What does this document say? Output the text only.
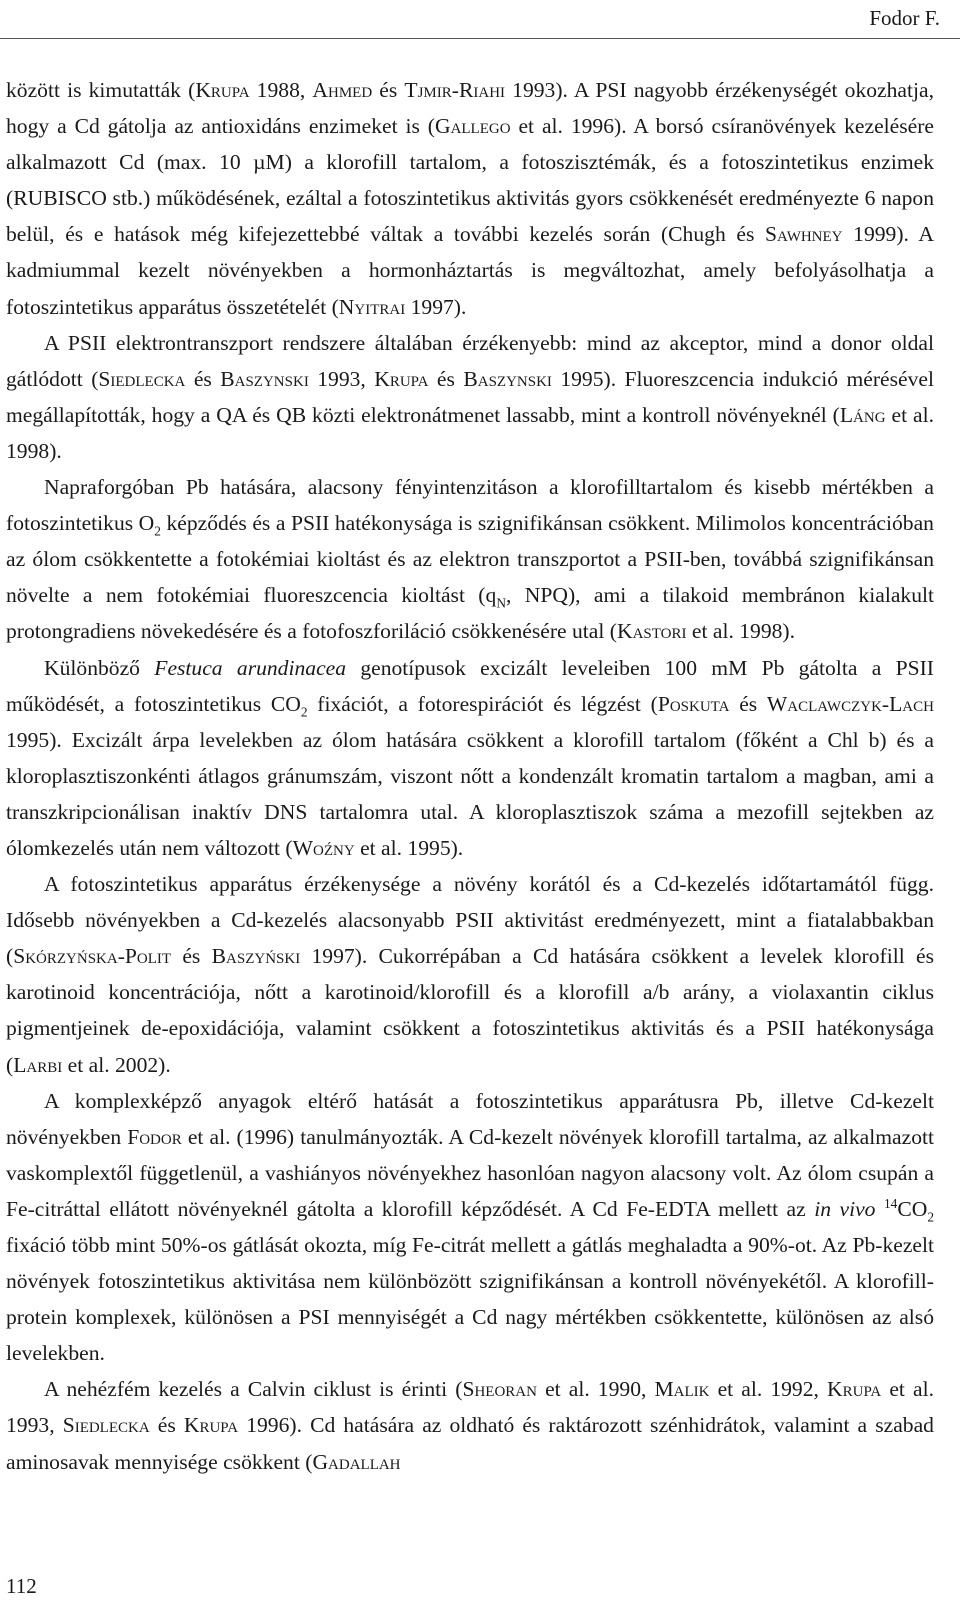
Fodor F.

között is kimutatták (Krupa 1988, Ahmed és Tjmir-Riahi 1993). A PSI nagyobb érzékenységét okozhatja, hogy a Cd gátolja az antioxidáns enzimeket is (Gallego et al. 1996). A borsó csíranövények kezelésére alkalmazott Cd (max. 10 µM) a klorofill tartalom, a fotoszisztémák, és a fotoszintetikus enzimek (RUBISCO stb.) működésének, ezáltal a fotoszintetikus aktivitás gyors csökkenését eredményezte 6 napon belül, és e hatások még kifejezettebbé váltak a további kezelés során (Chugh és Sawhney 1999). A kadmiummal kezelt növényekben a hormonháztartás is megváltozhat, amely befolyásolhatja a fotoszintetikus apparátus összetételét (Nyitrai 1997).

A PSII elektrontranszport rendszere általában érzékenyebb: mind az akceptor, mind a donor oldal gátlódott (Siedlecka és Baszynski 1993, Krupa és Baszynski 1995). Fluoreszcencia indukció mérésével megállapították, hogy a QA és QB közti elektronátmenet lassabb, mint a kontroll növényeknél (Láng et al. 1998).

Napraforgóban Pb hatására, alacsony fényintenzitáson a klorofilltartalom és kisebb mértékben a fotoszintetikus $O_2$ képződés és a PSII hatékonysága is szignifikánsan csökkent. Milimolos koncentrációban az ólom csökkentette a fotokémiai kioltást és az elektron transzportot a PSII-ben, továbbá szignifikánsan növelte a nem fotokémiai fluoreszcencia kioltást ($q_N$, NPQ), ami a tilakoid membránon kialakult protongradiens növekedésére és a fotofoszforiláció csökkenésére utal (Kastori et al. 1998).

Különböző Festuca arundinacea genotípusok excizált leveleiben 100 mM Pb gátolta a PSII működését, a fotoszintetikus $CO_2$ fixációt, a fotorespirációt és légzést (Poskuta és Waclawczyk-Lach 1995). Excizált árpa levelekben az ólom hatására csökkent a klorofill tartalom (főként a Chl b) és a kloroplasztiszonkénti átlagos gránumszám, viszont nőtt a kondenzált kromatin tartalom a magban, ami a transzkripcionálisan inaktív DNS tartalomra utal. A kloroplasztiszok száma a mezofill sejtekben az ólomkezelés után nem változott (Woźny et al. 1995).

A fotoszintetikus apparátus érzékenysége a növény korától és a Cd-kezelés időtartamától függ. Idősebb növényekben a Cd-kezelés alacsonyabb PSII aktivitást eredményezett, mint a fiatalabbakban (Skórzyńska-Polit és Baszyński 1997). Cukorrépában a Cd hatására csökkent a levelek klorofill és karotinoid koncentrációja, nőtt a karotinoid/klorofill és a klorofill a/b arány, a violaxantin ciklus pigmentjeinek de-epoxidációja, valamint csökkent a fotoszintetikus aktivitás és a PSII hatékonysága (Larbi et al. 2002).

A komplexképző anyagok eltérő hatását a fotoszintetikus apparátusra Pb, illetve Cd-kezelt növényekben Fodor et al. (1996) tanulmányozták. A Cd-kezelt növények klorofill tartalma, az alkalmazott vaskomplextől függetlenül, a vashiányos növényekhez hasonlóan nagyon alacsony volt. Az ólom csupán a Fe-citráttal ellátott növényeknél gátolta a klorofill képződését. A Cd Fe-EDTA mellett az in vivo $^{14}CO_2$ fixáció több mint 50%-os gátlását okozta, míg Fe-citrát mellett a gátlás meghaladta a 90%-ot. Az Pb-kezelt növények fotoszintetikus aktivitása nem különbözött szignifikánsan a kontroll növényekétől. A klorofill-protein komplexek, különösen a PSI mennyiségét a Cd nagy mértékben csökkentette, különösen az alsó levelekben.

A nehézfém kezelés a Calvin ciklust is érinti (Sheoran et al. 1990, Malik et al. 1992, Krupa et al. 1993, Siedlecka és Krupa 1996). Cd hatására az oldható és raktározott szénhidrátok, valamint a szabad aminosavak mennyisége csökkent (Gadallah

112
